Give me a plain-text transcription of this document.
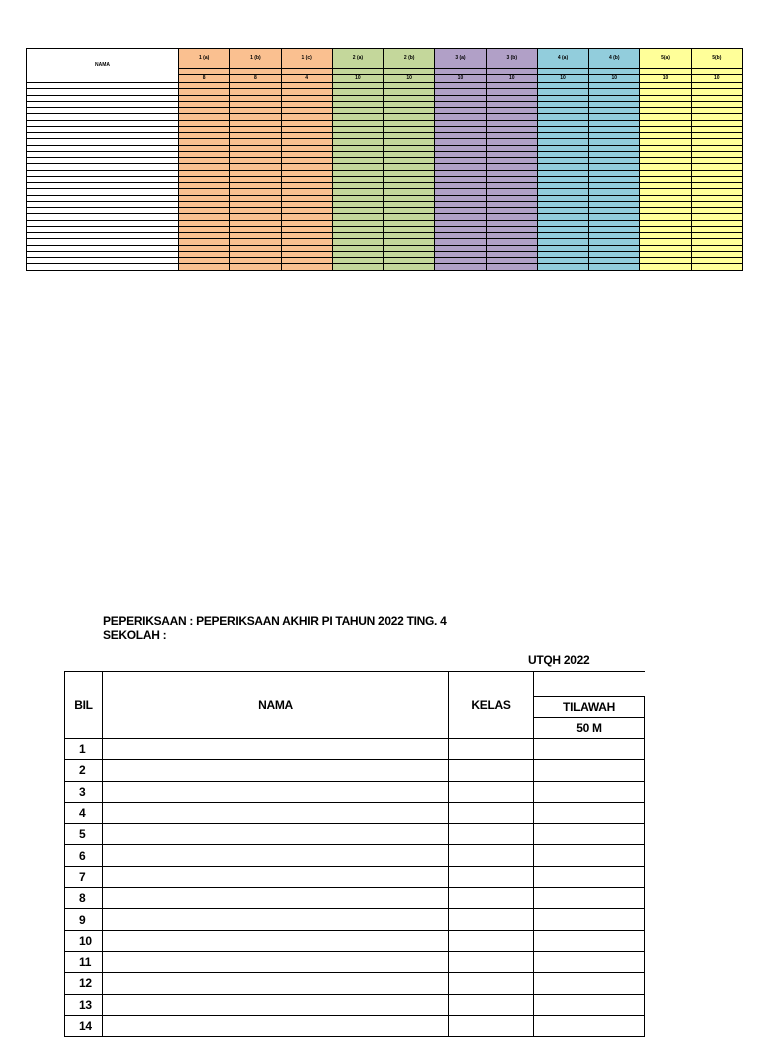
NAMA	1 (a)	1 (b)	1 (c)	2 (a)	2 (b)	3 (a)	3 (b)	4 (a)	4 (b)	5(a)	5(b)

	8	8	4	10	10	10	10	10	10	10	10

PEPERIKSAAN : PEPERIKSAAN AKHIR PI TAHUN 2022 TING. 4
SEKOLAH :
UTQH 2022
BIL	NAMA	KELAS	
			TILAWAH
			50 M
1			
2			
3			
4			
5			
6			
7			
8			
9			
10			
11			
12			
13			
14			
